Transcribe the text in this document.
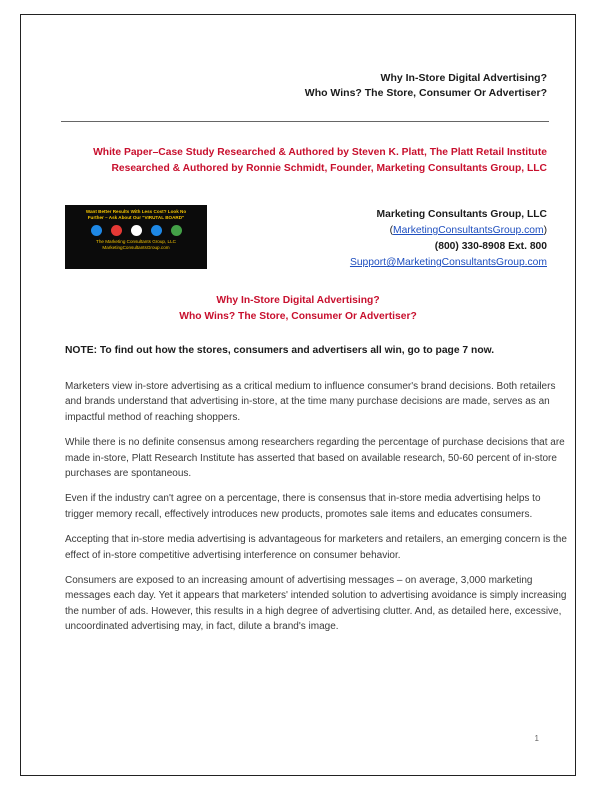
Why In-Store Digital Advertising?
Who Wins? The Store, Consumer Or Advertiser?
White Paper–Case Study Researched & Authored by Steven K. Platt, The Platt Retail Institute
Researched & Authored by Ronnie Schmidt, Founder, Marketing Consultants Group, LLC
Want Better Results With Less Cost? Look No
Further – Ask About Our "VIRUTAL BOARD"
The Marketing Consultants Group, LLC
MarketingConsultantsGroup.com
Marketing Consultants Group, LLC
(MarketingConsultantsGroup.com)
(800) 330-8908 Ext. 800
Support@MarketingConsultantsGroup.com
Why In-Store Digital Advertising?
Who Wins? The Store, Consumer Or Advertiser?
NOTE: To find out how the stores, consumers and advertisers all win, go to page 7 now.

Marketers view in-store advertising as a critical medium to influence consumer's brand decisions. Both retailers and brands understand that advertising in-store, at the time many purchase decisions are made, serves as an impactful method of reaching shoppers.

While there is no definite consensus among researchers regarding the percentage of purchase decisions that are made in-store, Platt Research Institute has asserted that based on available research, 50-60 percent of in-store purchases are spontaneous.

Even if the industry can't agree on a percentage, there is consensus that in-store media advertising helps to trigger memory recall, effectively introduces new products, promotes sale items and educates consumers.

Accepting that in-store media advertising is advantageous for marketers and retailers, an emerging concern is the effect of in-store competitive advertising interference on consumer behavior.

Consumers are exposed to an increasing amount of advertising messages – on average, 3,000 marketing messages each day. Yet it appears that marketers' intended solution to advertising avoidance is simply increasing the number of ads. However, this results in a high degree of advertising clutter. And, as detailed here, excessive, uncoordinated advertising may, in fact, dilute a brand's image.

1
